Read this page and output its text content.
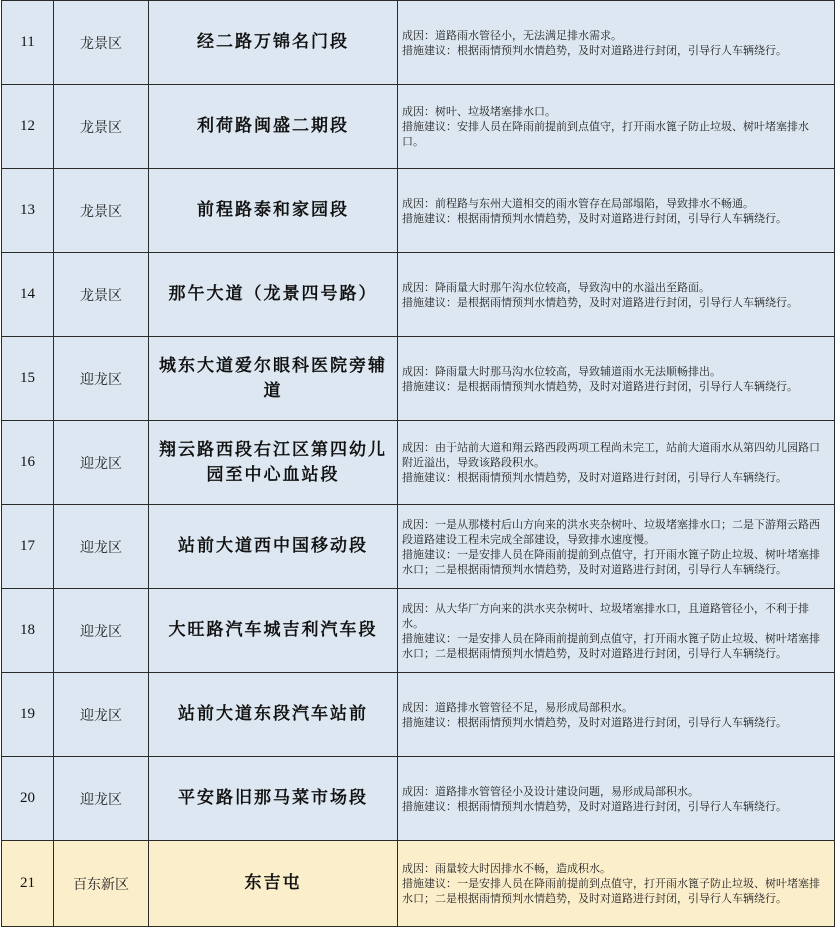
11	龙景区	经二路万锦名门段	成因：道路雨水管径小，无法满足排水需求。
措施建议：根据雨情预判水情趋势，及时对道路进行封闭，引导行人车辆绕行。

12	龙景区	利荷路闽盛二期段	成因：树叶、垃圾堵塞排水口。
措施建议：安排人员在降雨前提前到点值守，打开雨水篦子防止垃圾、树叶堵塞排水口。

13	龙景区	前程路泰和家园段	成因：前程路与东州大道相交的雨水管存在局部塌陷，导致排水不畅通。
措施建议：根据雨情预判水情趋势，及时对道路进行封闭，引导行人车辆绕行。

14	龙景区	那午大道（龙景四号路）	成因：降雨量大时那午沟水位较高，导致沟中的水溢出至路面。
措施建议：是根据雨情预判水情趋势，及时对道路进行封闭，引导行人车辆绕行。

15	迎龙区	城东大道爱尔眼科医院旁辅道	成因：降雨量大时那马沟水位较高，导致辅道雨水无法顺畅排出。
措施建议：是根据雨情预判水情趋势，及时对道路进行封闭，引导行人车辆绕行。

16	迎龙区	翔云路西段右江区第四幼儿园至中心血站段	成因：由于站前大道和翔云路西段两项工程尚未完工，站前大道雨水从第四幼儿园路口附近溢出，导致该路段积水。
措施建议：根据雨情预判水情趋势，及时对道路进行封闭，引导行人车辆绕行。

17	迎龙区	站前大道西中国移动段	成因：一是从那楼村后山方向来的洪水夹杂树叶、垃圾堵塞排水口；二是下游翔云路西段道路建设工程未完成全部建设，导致排水速度慢。
措施建议：一是安排人员在降雨前提前到点值守，打开雨水篦子防止垃圾、树叶堵塞排水口；二是根据雨情预判水情趋势，及时对道路进行封闭，引导行人车辆绕行。

18	迎龙区	大旺路汽车城吉利汽车段	成因：从大华厂方向来的洪水夹杂树叶、垃圾堵塞排水口，且道路管径小，不利于排水。
措施建议：一是安排人员在降雨前提前到点值守，打开雨水篦子防止垃圾、树叶堵塞排水口；二是根据雨情预判水情趋势，及时对道路进行封闭，引导行人车辆绕行。

19	迎龙区	站前大道东段汽车站前	成因：道路排水管管径不足，易形成局部积水。
措施建议：根据雨情预判水情趋势，及时对道路进行封闭，引导行人车辆绕行。

20	迎龙区	平安路旧那马菜市场段	成因：道路排水管管径小及设计建设问题，易形成局部积水。
措施建议：根据雨情预判水情趋势，及时对道路进行封闭，引导行人车辆绕行。

21	百东新区	东吉屯	成因：雨量较大时因排水不畅，造成积水。
措施建议：一是安排人员在降雨前提前到点值守，打开雨水篦子防止垃圾、树叶堵塞排水口；二是根据雨情预判水情趋势，及时对道路进行封闭，引导行人车辆绕行。
